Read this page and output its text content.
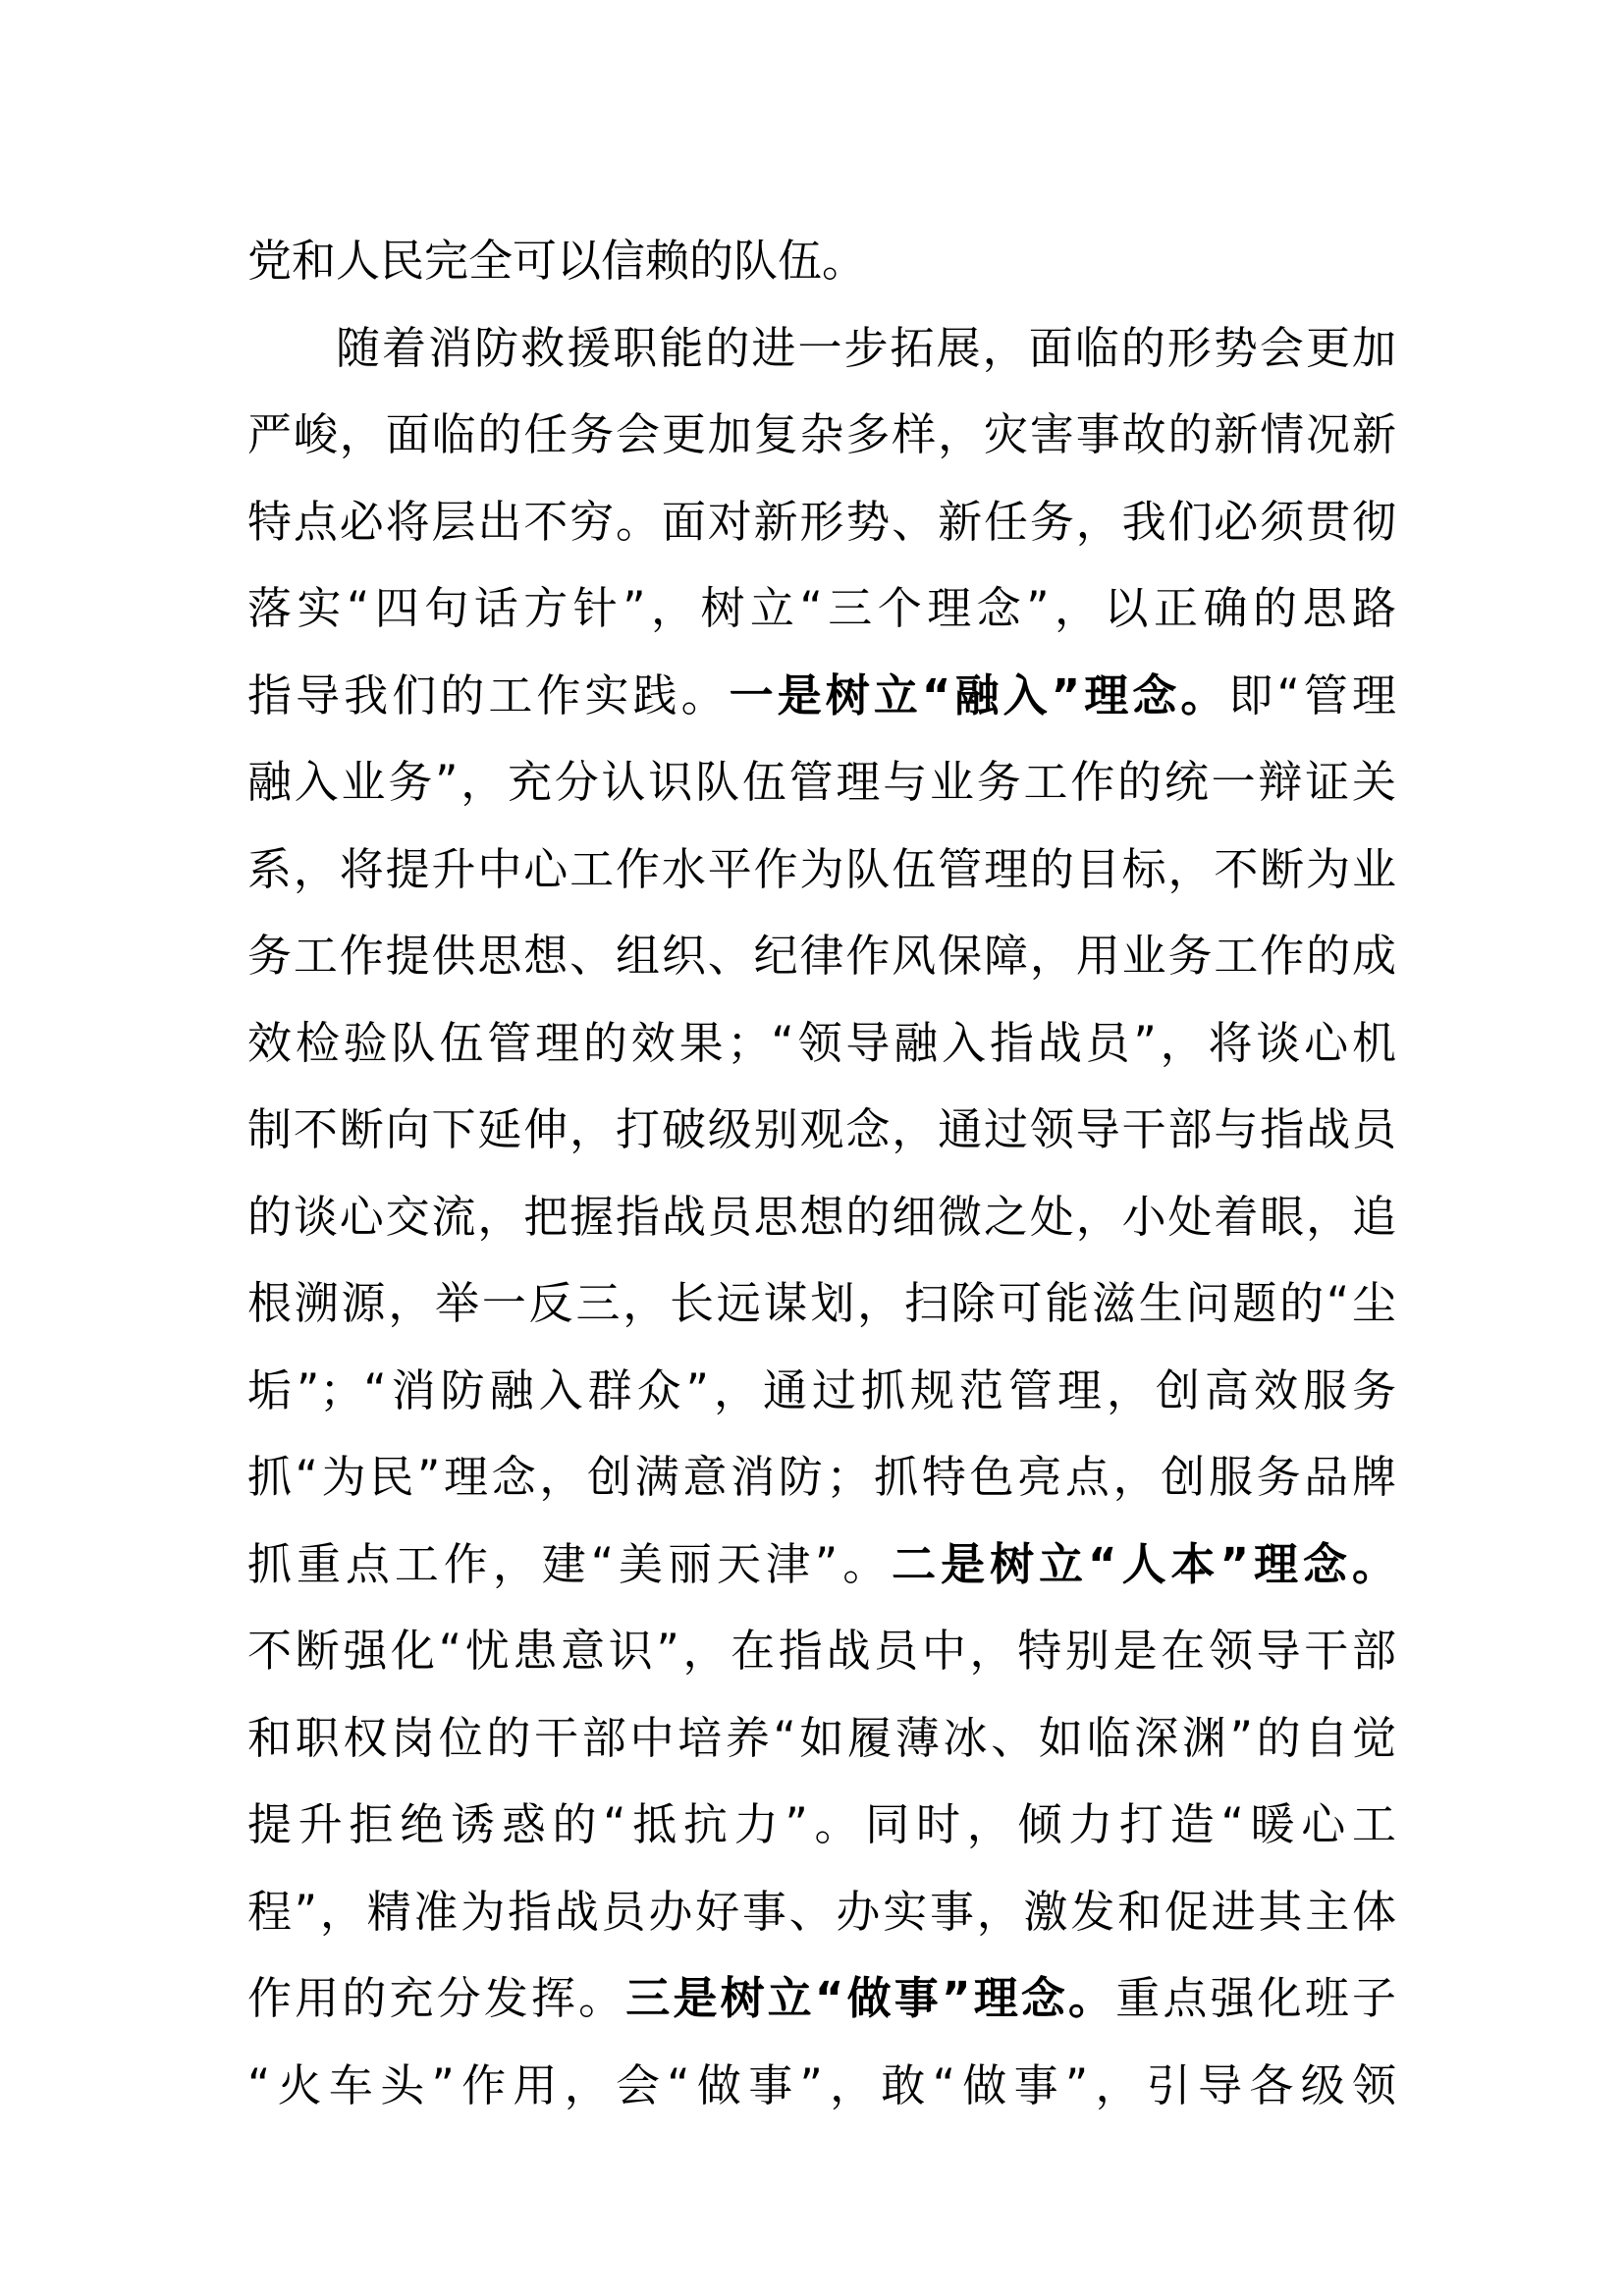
党和人民完全可以信赖的队伍。
随着消防救援职能的进一步拓展，面临的形势会更加
严峻，面临的任务会更加复杂多样，灾害事故的新情况新
特点必将层出不穷。面对新形势、新任务，我们必须贯彻
落实“四句话方针”，树立“三个理念”，以正确的思路
指导我们的工作实践。一是树立“融入”理念。即“管理
融入业务”，充分认识队伍管理与业务工作的统一辩证关
系，将提升中心工作水平作为队伍管理的目标，不断为业
务工作提供思想、组织、纪律作风保障，用业务工作的成
效检验队伍管理的效果；“领导融入指战员”，将谈心机
制不断向下延伸，打破级别观念，通过领导干部与指战员
的谈心交流，把握指战员思想的细微之处，小处着眼，追
根溯源，举一反三，长远谋划，扫除可能滋生问题的“尘
垢”；“消防融入群众”，通过抓规范管理，创高效服务
抓“为民”理念，创满意消防；抓特色亮点，创服务品牌
抓重点工作，建“美丽天津”。二是树立“人本”理念。
不断强化“忧患意识”，在指战员中，特别是在领导干部
和职权岗位的干部中培养“如履薄冰、如临深渊”的自觉
提升拒绝诱惑的“抵抗力”。同时，倾力打造“暖心工
程”，精准为指战员办好事、办实事，激发和促进其主体
作用的充分发挥。三是树立“做事”理念。重点强化班子
“火车头”作用，会“做事”，敢“做事”，引导各级领
